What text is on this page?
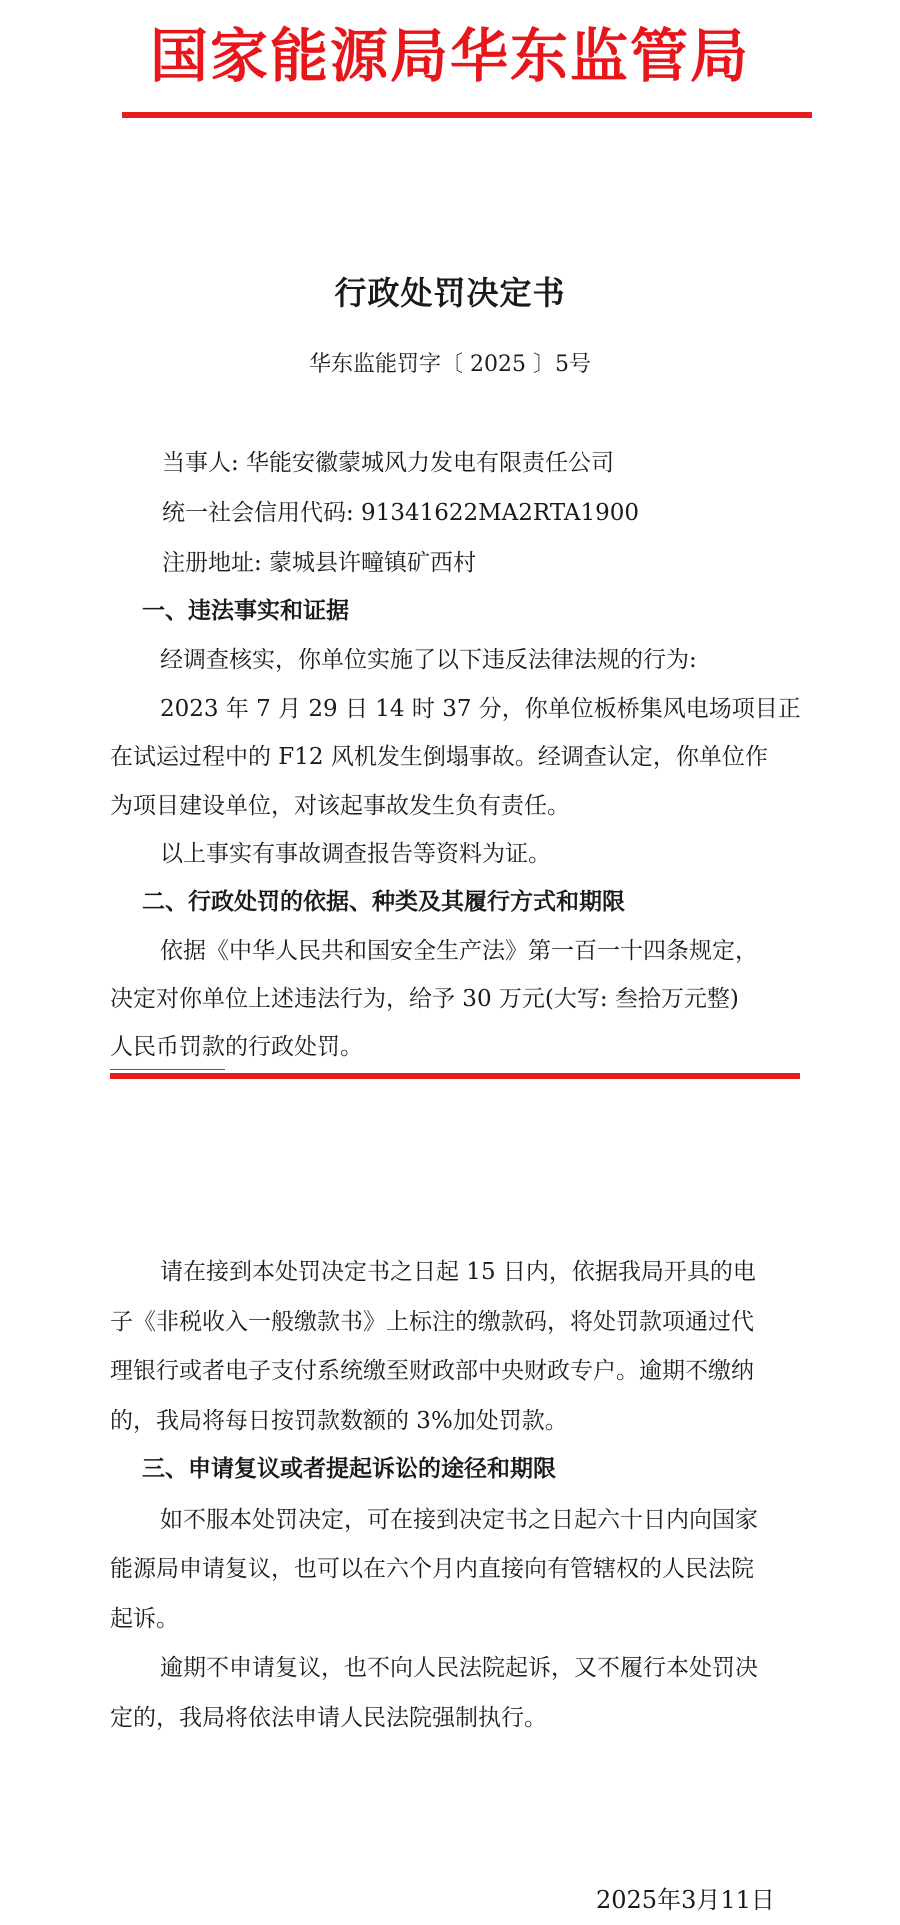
国家能源局华东监管局
行政处罚决定书
华东监能罚字〔 2025 〕5号
当事人: 华能安徽蒙城风力发电有限责任公司
统一社会信用代码: 91341622MA2RTA1900
注册地址: 蒙城县许疃镇矿西村
一、违法事实和证据
经调查核实，你单位实施了以下违反法律法规的行为:
2023 年 7 月 29 日 14 时 37 分，你单位板桥集风电场项目正
在试运过程中的 F12 风机发生倒塌事故。经调查认定，你单位作
为项目建设单位，对该起事故发生负有责任。
以上事实有事故调查报告等资料为证。
二、行政处罚的依据、种类及其履行方式和期限
依据《中华人民共和国安全生产法》第一百一十四条规定，
决定对你单位上述违法行为，给予 30 万元(大写: 叁拾万元整)
人民币罚款的行政处罚。
请在接到本处罚决定书之日起 15 日内，依据我局开具的电
子《非税收入一般缴款书》上标注的缴款码，将处罚款项通过代
理银行或者电子支付系统缴至财政部中央财政专户。逾期不缴纳
的，我局将每日按罚款数额的 3%加处罚款。
三、申请复议或者提起诉讼的途径和期限
如不服本处罚决定，可在接到决定书之日起六十日内向国家
能源局申请复议，也可以在六个月内直接向有管辖权的人民法院
起诉。
逾期不申请复议，也不向人民法院起诉，又不履行本处罚决
定的，我局将依法申请人民法院强制执行。
2025年3月11日
